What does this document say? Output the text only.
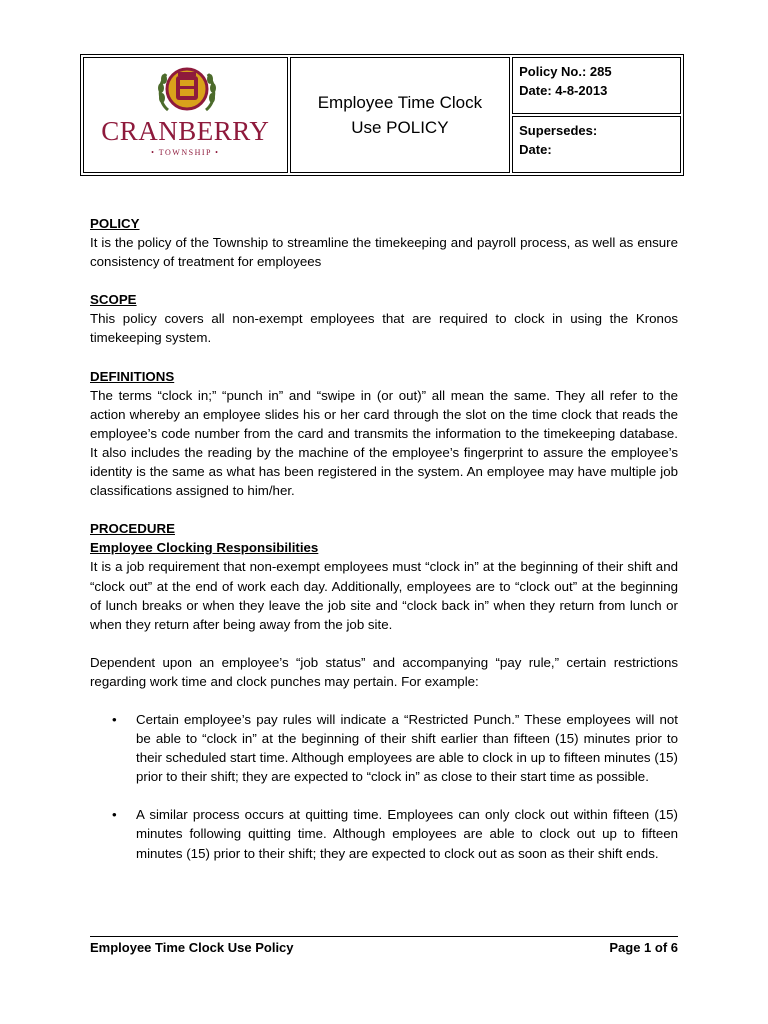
CRANBERRY
• TOWNSHIP •
Employee Time Clock
Use POLICY
Policy No.: 285
Date: 4-8-2013
Supersedes:
Date:

POLICY

It is the policy of the Township to streamline the timekeeping and payroll process, as well as ensure consistency of treatment for employees

SCOPE

This policy covers all non-exempt employees that are required to clock in using the Kronos timekeeping system.

DEFINITIONS

The terms “clock in;” “punch in” and “swipe in (or out)” all mean the same. They all refer to the action whereby an employee slides his or her card through the slot on the time clock that reads the employee’s code number from the card and transmits the information to the timekeeping database. It also includes the reading by the machine of the employee’s fingerprint to assure the employee’s identity is the same as what has been registered in the system. An employee may have multiple job classifications assigned to him/her.

PROCEDURE

Employee Clocking Responsibilities

It is a job requirement that non-exempt employees must “clock in” at the beginning of their shift and “clock out” at the end of work each day. Additionally, employees are to “clock out” at the beginning of lunch breaks or when they leave the job site and “clock back in” when they return from lunch or when they return after being away from the job site.

Dependent upon an employee’s “job status” and accompanying “pay rule,” certain restrictions regarding work time and clock punches may pertain. For example:

• Certain employee’s pay rules will indicate a “Restricted Punch.” These employees will not be able to “clock in” at the beginning of their shift earlier than fifteen (15) minutes prior to their scheduled start time. Although employees are able to clock in up to fifteen minutes (15) prior to their shift; they are expected to “clock in” as close to their start time as possible.
• A similar process occurs at quitting time. Employees can only clock out within fifteen (15) minutes following quitting time. Although employees are able to clock out up to fifteen minutes (15) prior to their shift; they are expected to clock out as soon as their shift ends.
Employee Time Clock Use Policy	Page 1 of 6
